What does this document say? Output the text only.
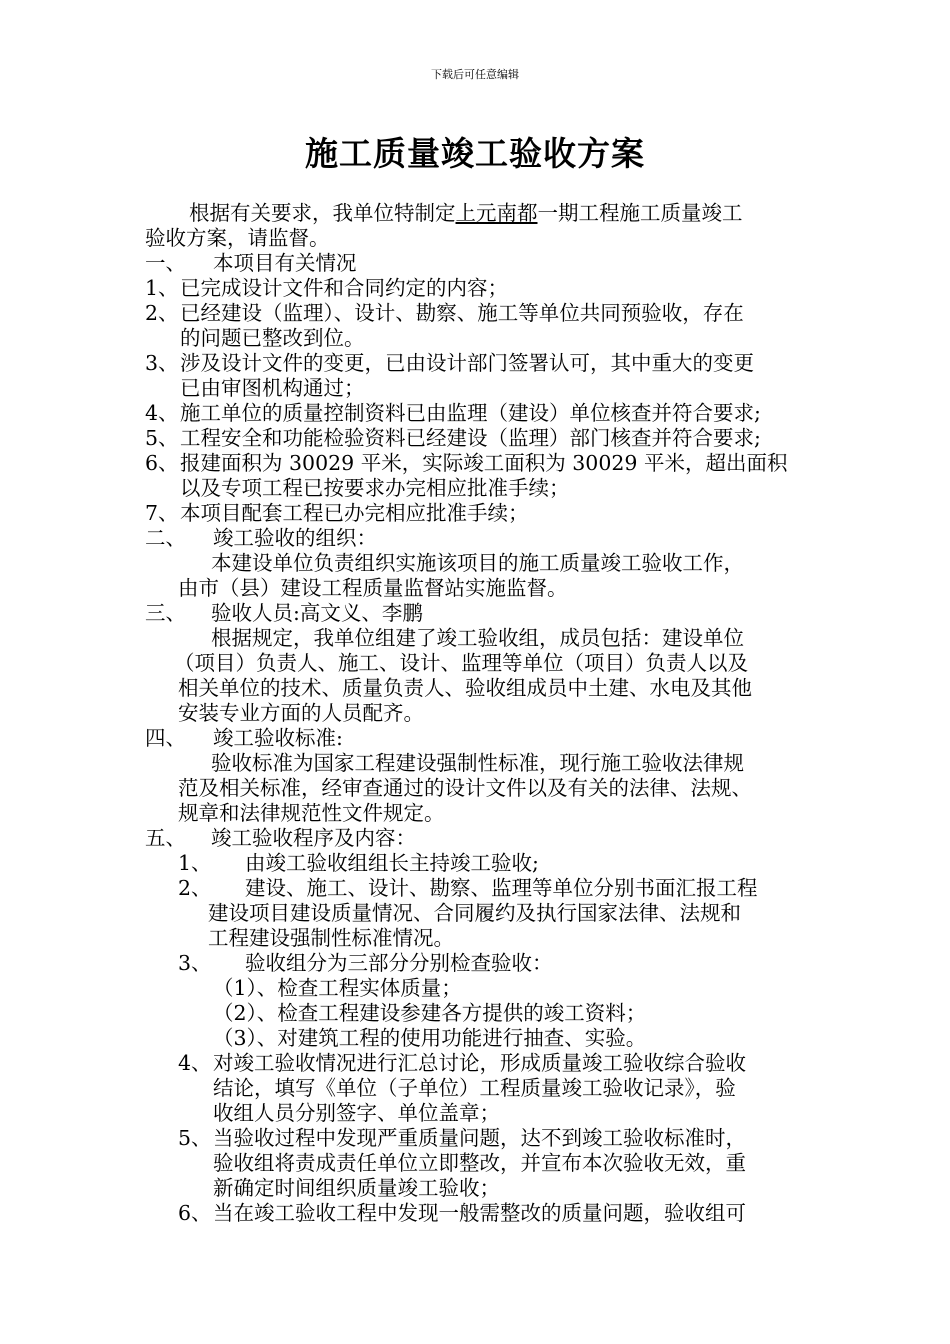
下载后可任意编辑
施工质量竣工验收方案
根据有关要求，我单位特制定上元南都一期工程施工质量竣工
验收方案，请监督。
一、 本项目有关情况
1、 已完成设计文件和合同约定的内容；
2、 已经建设（监理）、设计、勘察、施工等单位共同预验收，存在
的问题已整改到位。
3、 涉及设计文件的变更，已由设计部门签署认可，其中重大的变更
已由审图机构通过；
4、 施工单位的质量控制资料已由监理（建设）单位核查并符合要求;
5、 工程安全和功能检验资料已经建设（监理）部门核查并符合要求;
6、 报建面积为 30029 平米，实际竣工面积为 30029 平米，超出面积
以及专项工程已按要求办完相应批准手续；
7、 本项目配套工程已办完相应批准手续；
二、 竣工验收的组织：
本建设单位负责组织实施该项目的施工质量竣工验收工作，
由市（县）建设工程质量监督站实施监督。
三、 验收人员:高文义、李鹏
根据规定，我单位组建了竣工验收组，成员包括：建设单位
（项目）负责人、施工、设计、监理等单位（项目）负责人以及
相关单位的技术、质量负责人、验收组成员中土建、水电及其他
安装专业方面的人员配齐。
四、 竣工验收标准:
验收标准为国家工程建设强制性标准，现行施工验收法律规
范及相关标准，经审查通过的设计文件以及有关的法律、法规、
规章和法律规范性文件规定。
五、 竣工验收程序及内容：
1、 由竣工验收组组长主持竣工验收;
2、 建设、施工、设计、勘察、监理等单位分别书面汇报工程
建设项目建设质量情况、合同履约及执行国家法律、法规和
工程建设强制性标准情况。
3、 验收组分为三部分分别检查验收：
（1）、检查工程实体质量；
（2）、检查工程建设参建各方提供的竣工资料；
（3）、对建筑工程的使用功能进行抽查、实验。
4、 对竣工验收情况进行汇总讨论，形成质量竣工验收综合验收
结论，填写《单位（子单位）工程质量竣工验收记录》，验
收组人员分别签字、单位盖章；
5、 当验收过程中发现严重质量问题，达不到竣工验收标准时，
验收组将责成责任单位立即整改，并宣布本次验收无效，重
新确定时间组织质量竣工验收；
6、 当在竣工验收工程中发现一般需整改的质量问题，验收组可
